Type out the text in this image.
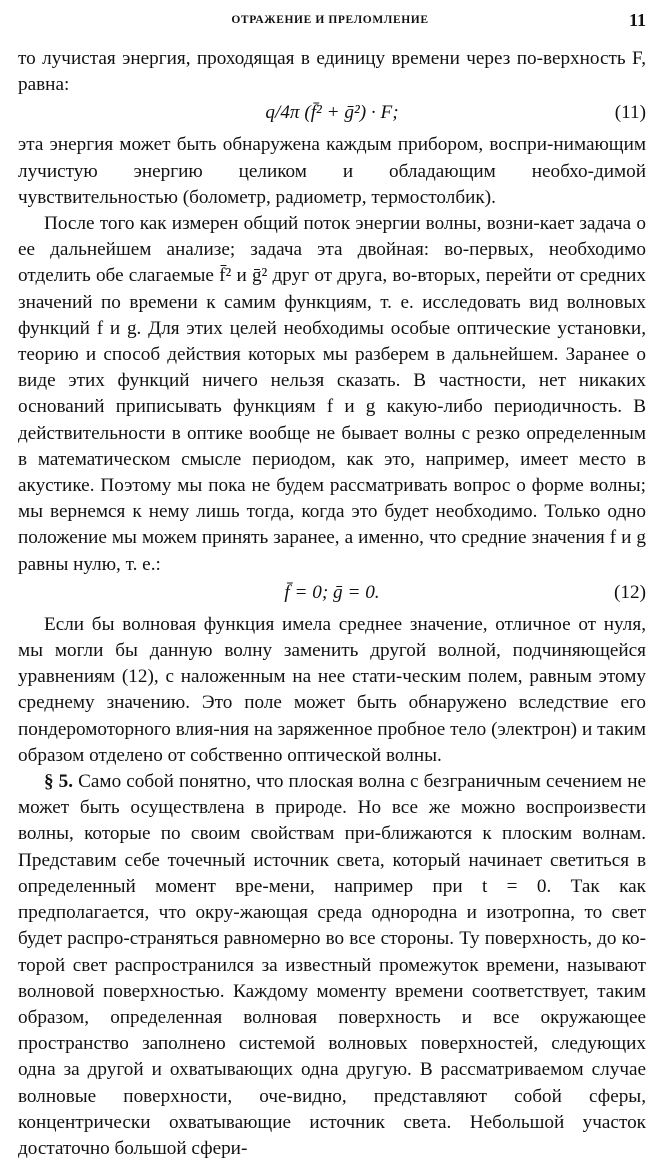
ОТРАЖЕНИЕ И ПРЕЛОМЛЕНИЕ	11

то лучистая энергия, проходящая в единицу времени через по-верхность F, равна:

q/4π (f̄² + ḡ²) · F;	(11)

эта энергия может быть обнаружена каждым прибором, воспри-нимающим лучистую энергию целиком и обладающим необхо-димой чувствительностью (болометр, радиометр, термостолбик).

После того как измерен общий поток энергии волны, возни-кает задача о ее дальнейшем анализе; задача эта двойная: во-первых, необходимо отделить обе слагаемые f̄² и ḡ² друг от друга, во-вторых, перейти от средних значений по времени к самим функциям, т. е. исследовать вид волновых функций f и g. Для этих целей необходимы особые оптические установки, теорию и способ действия которых мы разберем в дальнейшем. Заранее о виде этих функций ничего нельзя сказать. В частности, нет никаких оснований приписывать функциям f и g какую-либо периодичность. В действительности в оптике вообще не бывает волны с резко определенным в математическом смысле периодом, как это, например, имеет место в акустике. Поэтому мы пока не будем рассматривать вопрос о форме волны; мы вернемся к нему лишь тогда, когда это будет необходимо. Только одно положение мы можем принять заранее, а именно, что средние значения f и g равны нулю, т. е.:

f̄ = 0; ḡ = 0.	(12)

Если бы волновая функция имела среднее значение, отличное от нуля, мы могли бы данную волну заменить другой волной, подчиняющейся уравнениям (12), с наложенным на нее стати-ческим полем, равным этому среднему значению. Это поле может быть обнаружено вследствие его пондеромоторного влия-ния на заряженное пробное тело (электрон) и таким образом отделено от собственно оптической волны.

§ 5. Само собой понятно, что плоская волна с безграничным сечением не может быть осуществлена в природе. Но все же можно воспроизвести волны, которые по своим свойствам при-ближаются к плоским волнам. Представим себе точечный источник света, который начинает светиться в определенный момент вре-мени, например при t = 0. Так как предполагается, что окру-жающая среда однородна и изотропна, то свет будет распро-страняться равномерно во все стороны. Ту поверхность, до ко-торой свет распространился за известный промежуток времени, называют волновой поверхностью. Каждому моменту времени соответствует, таким образом, определенная волновая поверхность и все окружающее пространство заполнено системой волновых поверхностей, следующих одна за другой и охватывающих одна другую. В рассматриваемом случае волновые поверхности, оче-видно, представляют собой сферы, концентрически охватывающие источник света. Небольшой участок достаточно большой сфери-
